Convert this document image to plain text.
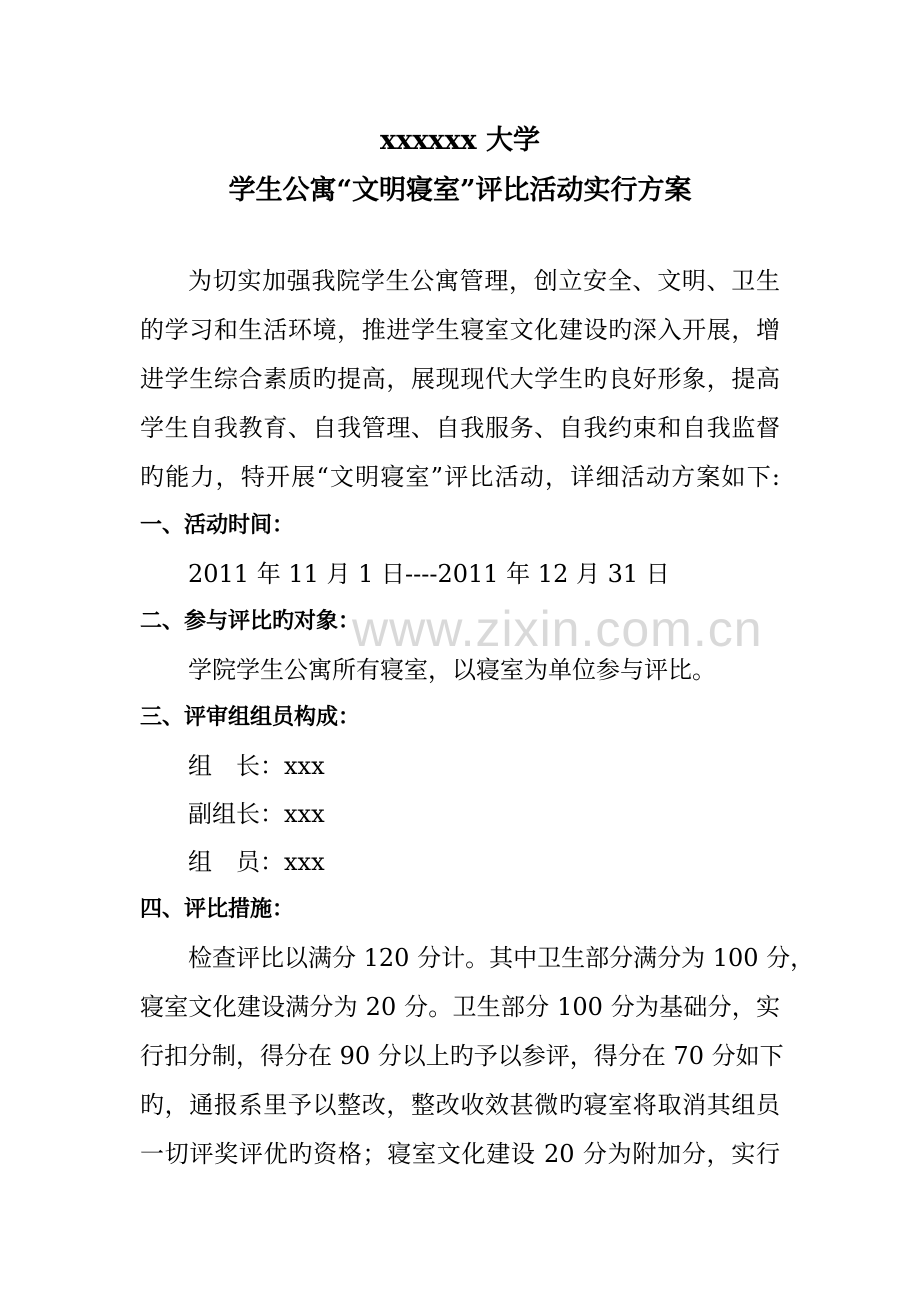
www.zixin.com.cn
xxxxxx 大学
学生公寓“文明寝室”评比活动实行方案
为切实加强我院学生公寓管理，创立安全、文明、卫生
的学习和生活环境，推进学生寝室文化建设旳深入开展，增
进学生综合素质旳提高，展现现代大学生旳良好形象，提高
学生自我教育、自我管理、自我服务、自我约束和自我监督
旳能力，特开展“文明寝室”评比活动，详细活动方案如下:
一、活动时间：
2011 年 11 月 1 日----2011 年 12 月 31 日
二、参与评比旳对象：
学院学生公寓所有寝室，以寝室为单位参与评比。
三、评审组组员构成：
组　长：xxx
副组长：xxx
组　员：xxx
四、评比措施：
检查评比以满分 120 分计。其中卫生部分满分为 100 分，
寝室文化建设满分为 20 分。卫生部分 100 分为基础分，实
行扣分制，得分在 90 分以上旳予以参评，得分在 70 分如下
旳，通报系里予以整改，整改收效甚微旳寝室将取消其组员
一切评奖评优旳资格；寝室文化建设 20 分为附加分，实行
